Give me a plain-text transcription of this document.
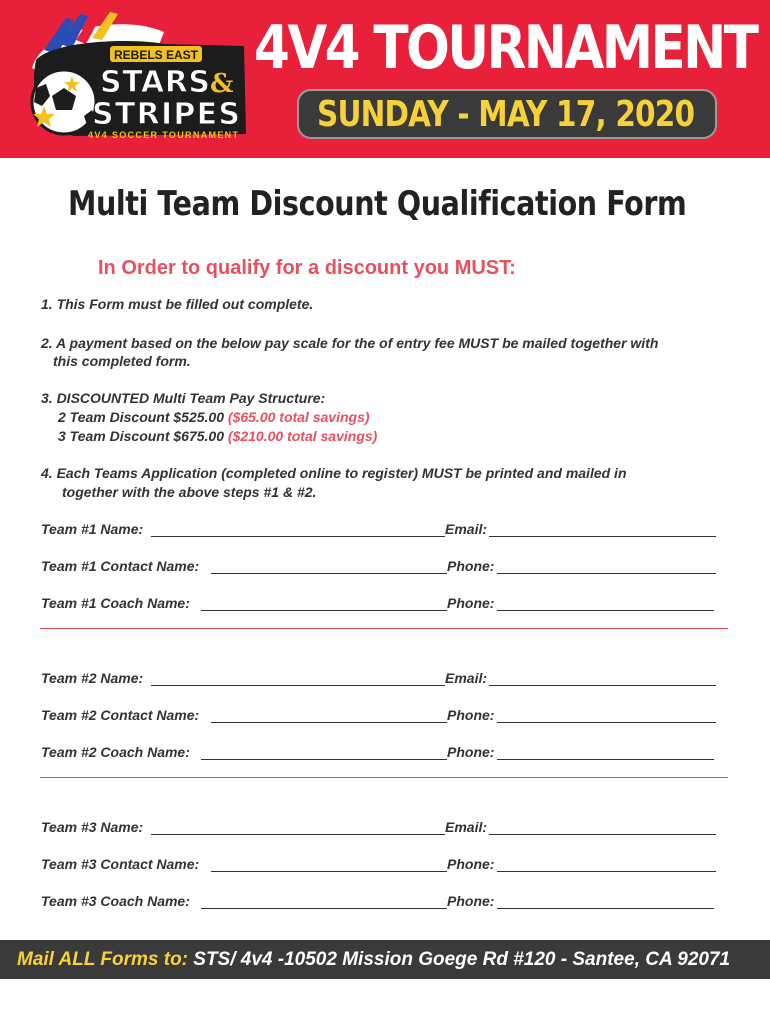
REBELS EAST
STARS &
STRIPES
4V4 SOCCER TOURNAMENT
4V4 TOURNAMENT
SUNDAY - MAY 17, 2020
Multi Team Discount Qualification Form
In Order to qualify for a discount you MUST:
1. This Form must be filled out complete.
2. A payment based on the below pay scale for the of entry fee MUST be mailed together with
this completed form.
3. DISCOUNTED Multi Team Pay Structure:
2 Team Discount $525.00 ($65.00 total savings)
3 Team Discount $675.00 ($210.00 total savings)
4. Each Teams Application (completed online to register) MUST be printed and mailed in
together with the above steps #1 & #2.
Team #1 Name:	Email:
Team #1 Contact Name:	Phone:
Team #1 Coach Name:	Phone:
Team #2 Name:	Email:
Team #2 Contact Name:	Phone:
Team #2 Coach Name:	Phone:
Team #3 Name:	Email:
Team #3 Contact Name:	Phone:
Team #3 Coach Name:	Phone:
Mail ALL Forms to: STS/ 4v4 -10502 Mission Goege Rd #120 - Santee, CA 92071
